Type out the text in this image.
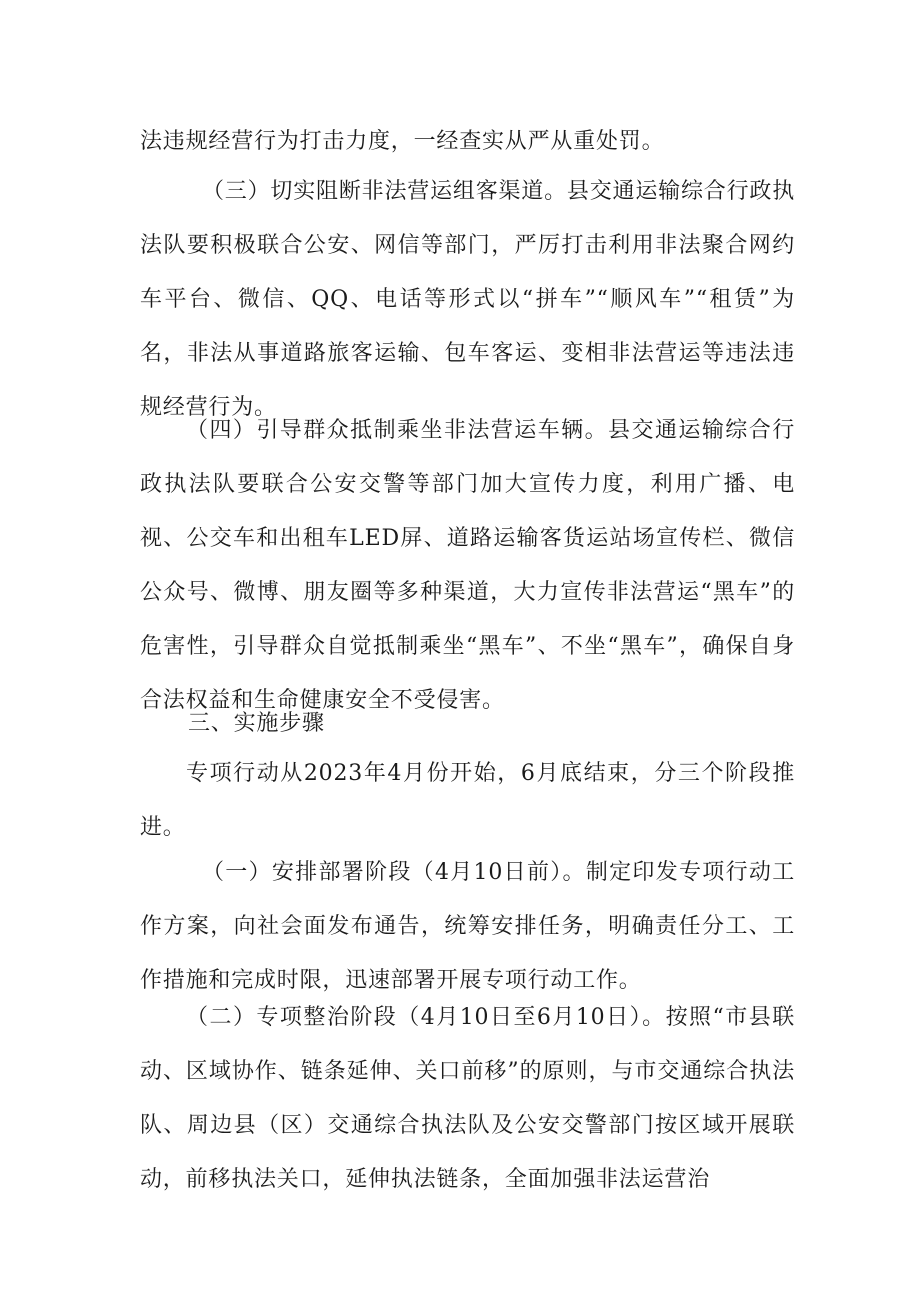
法违规经营行为打击力度，一经查实从严从重处罚。

（三）切实阻断非法营运组客渠道。县交通运输综合行政执法队要积极联合公安、网信等部门，严厉打击利用非法聚合网约车平台、微信、QQ、电话等形式以“拼车”“顺风车”“租赁”为名，非法从事道路旅客运输、包车客运、变相非法营运等违法违规经营行为。

（四）引导群众抵制乘坐非法营运车辆。县交通运输综合行政执法队要联合公安交警等部门加大宣传力度，利用广播、电视、公交车和出租车LED屏、道路运输客货运站场宣传栏、微信公众号、微博、朋友圈等多种渠道，大力宣传非法营运“黑车”的危害性，引导群众自觉抵制乘坐“黑车”、不坐“黑车”，确保自身合法权益和生命健康安全不受侵害。

三、实施步骤

专项行动从2023年4月份开始，6月底结束，分三个阶段推进。

（一）安排部署阶段（4月10日前）。制定印发专项行动工作方案，向社会面发布通告，统筹安排任务，明确责任分工、工作措施和完成时限，迅速部署开展专项行动工作。

（二）专项整治阶段（4月10日至6月10日）。按照“市县联动、区域协作、链条延伸、关口前移”的原则，与市交通综合执法队、周边县（区）交通综合执法队及公安交警部门按区域开展联动，前移执法关口，延伸执法链条，全面加强非法运营治
